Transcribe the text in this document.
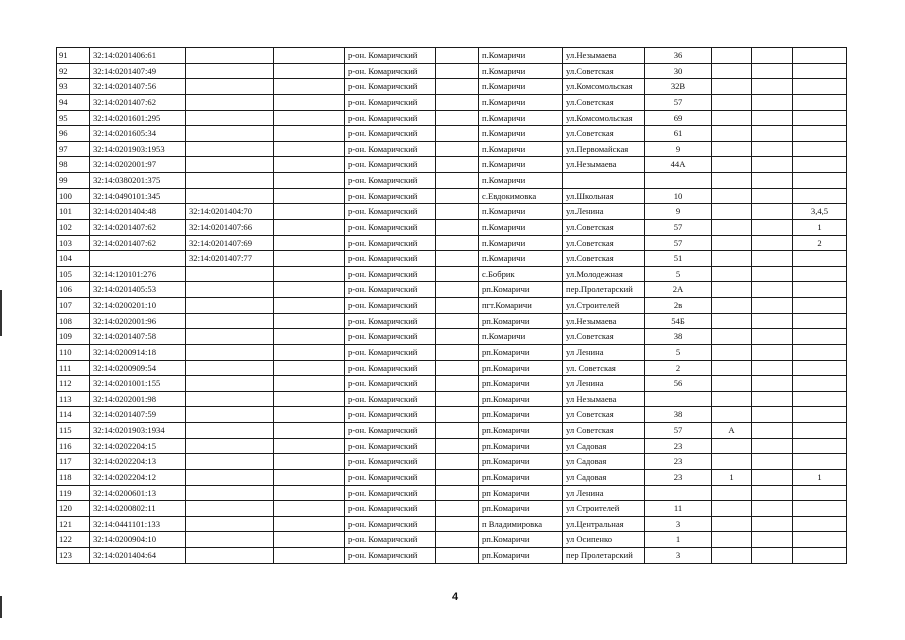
91	32:14:0201406:61			р-он. Комаричский		п.Комаричи	ул.Незымаева	36			
92	32:14:0201407:49			р-он. Комаричский		п.Комаричи	ул.Советская	30			
93	32:14:0201407:56			р-он. Комаричский		п.Комаричи	ул.Комсомольская	32В			
94	32:14:0201407:62			р-он. Комаричский		п.Комаричи	ул.Советская	57			
95	32:14:0201601:295			р-он. Комаричский		п.Комаричи	ул.Комсомольская	69			
96	32:14:0201605:34			р-он. Комаричский		п.Комаричи	ул.Советская	61			
97	32:14:0201903:1953			р-он. Комаричский		п.Комаричи	ул.Первомайская	9			
98	32:14:0202001:97			р-он. Комаричский		п.Комаричи	ул.Незымаева	44А			
99	32:14:0380201:375			р-он. Комаричский		п.Комаричи					
100	32:14:0490101:345			р-он. Комаричский		с.Евдокимовка	ул.Школьная	10			
101	32:14:0201404:48	32:14:0201404:70		р-он. Комаричский		п.Комаричи	ул.Ленина	9			3,4,5
102	32:14:0201407:62	32:14:0201407:66		р-он. Комаричский		п.Комаричи	ул.Советская	57			1
103	32:14:0201407:62	32:14:0201407:69		р-он. Комаричский		п.Комаричи	ул.Советская	57			2
104		32:14:0201407:77		р-он. Комаричский		п.Комаричи	ул.Советская	51			
105	32:14:120101:276			р-он. Комаричский		с.Бобрик	ул.Молодежная	5			
106	32:14:0201405:53			р-он. Комаричский		рп.Комаричи	пер.Пролетарский	2А			
107	32:14:0200201:10			р-он. Комаричский		пгт.Комаричи	ул.Строителей	2в			
108	32:14:0202001:96			р-он. Комаричский		рп.Комаричи	ул.Незымаева	54Б			
109	32:14:0201407:58			р-он. Комаричский		п.Комаричи	ул.Советская	38			
110	32:14:0200914:18			р-он. Комаричский		рп.Комаричи	ул Ленина	5			
111	32:14:0200909:54			р-он. Комаричский		рп.Комаричи	ул. Советская	2			
112	32:14:0201001:155			р-он. Комаричский		рп.Комаричи	ул Ленина	56			
113	32:14:0202001:98			р-он. Комаричский		рп.Комаричи	ул Незымаева				
114	32:14:0201407:59			р-он. Комаричский		рп.Комаричи	ул Советская	38			
115	32:14:0201903:1934			р-он. Комаричский		рп.Комаричи	ул Советская	57	А		
116	32:14:0202204:15			р-он. Комаричский		рп.Комаричи	ул Садовая	23			
117	32:14:0202204:13			р-он. Комаричский		рп.Комаричи	ул Садовая	23			
118	32:14:0202204:12			р-он. Комаричский		рп.Комаричи	ул Садовая	23	1		1
119	32:14:0200601:13			р-он. Комаричский		рп Комаричи	ул Ленина				
120	32:14:0200802:11			р-он. Комаричский		рп.Комаричи	ул Строителей	11			
121	32:14:0441101:133			р-он. Комаричский		п Владимировка	ул.Центральная	3			
122	32:14:0200904:10			р-он. Комаричский		рп.Комаричи	ул Осипенко	1			
123	32:14:0201404:64			р-он. Комаричский		рп.Комаричи	пер Пролетарский	3			
4
